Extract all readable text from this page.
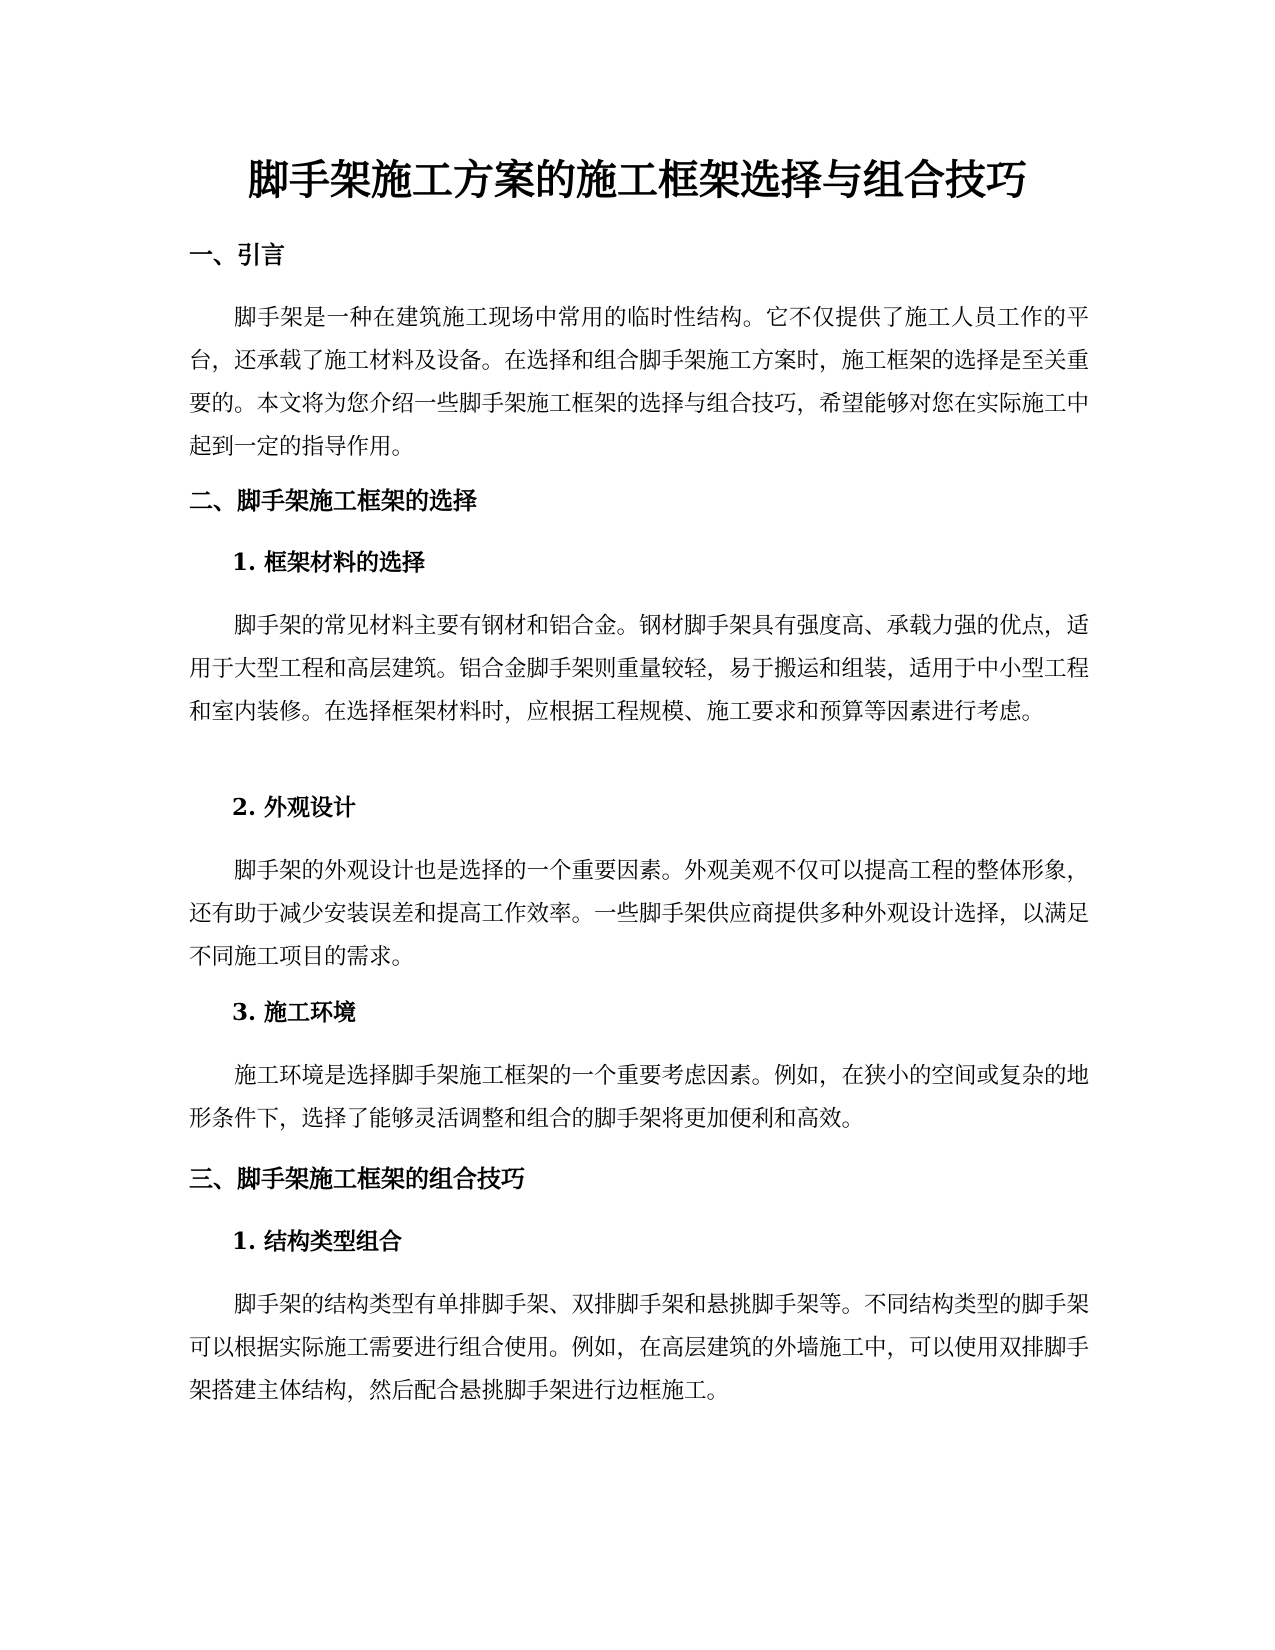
脚手架施工方案的施工框架选择与组合技巧
一、引言

脚手架是一种在建筑施工现场中常用的临时性结构。它不仅提供了施工人员工作的平台，还承载了施工材料及设备。在选择和组合脚手架施工方案时，施工框架的选择是至关重要的。本文将为您介绍一些脚手架施工框架的选择与组合技巧，希望能够对您在实际施工中起到一定的指导作用。

二、脚手架施工框架的选择
1. 框架材料的选择

脚手架的常见材料主要有钢材和铝合金。钢材脚手架具有强度高、承载力强的优点，适用于大型工程和高层建筑。铝合金脚手架则重量较轻，易于搬运和组装，适用于中小型工程和室内装修。在选择框架材料时，应根据工程规模、施工要求和预算等因素进行考虑。

2. 外观设计

脚手架的外观设计也是选择的一个重要因素。外观美观不仅可以提高工程的整体形象，还有助于减少安装误差和提高工作效率。一些脚手架供应商提供多种外观设计选择，以满足不同施工项目的需求。

3. 施工环境

施工环境是选择脚手架施工框架的一个重要考虑因素。例如，在狭小的空间或复杂的地形条件下，选择了能够灵活调整和组合的脚手架将更加便利和高效。

三、脚手架施工框架的组合技巧
1. 结构类型组合

脚手架的结构类型有单排脚手架、双排脚手架和悬挑脚手架等。不同结构类型的脚手架可以根据实际施工需要进行组合使用。例如，在高层建筑的外墙施工中，可以使用双排脚手架搭建主体结构，然后配合悬挑脚手架进行边框施工。
